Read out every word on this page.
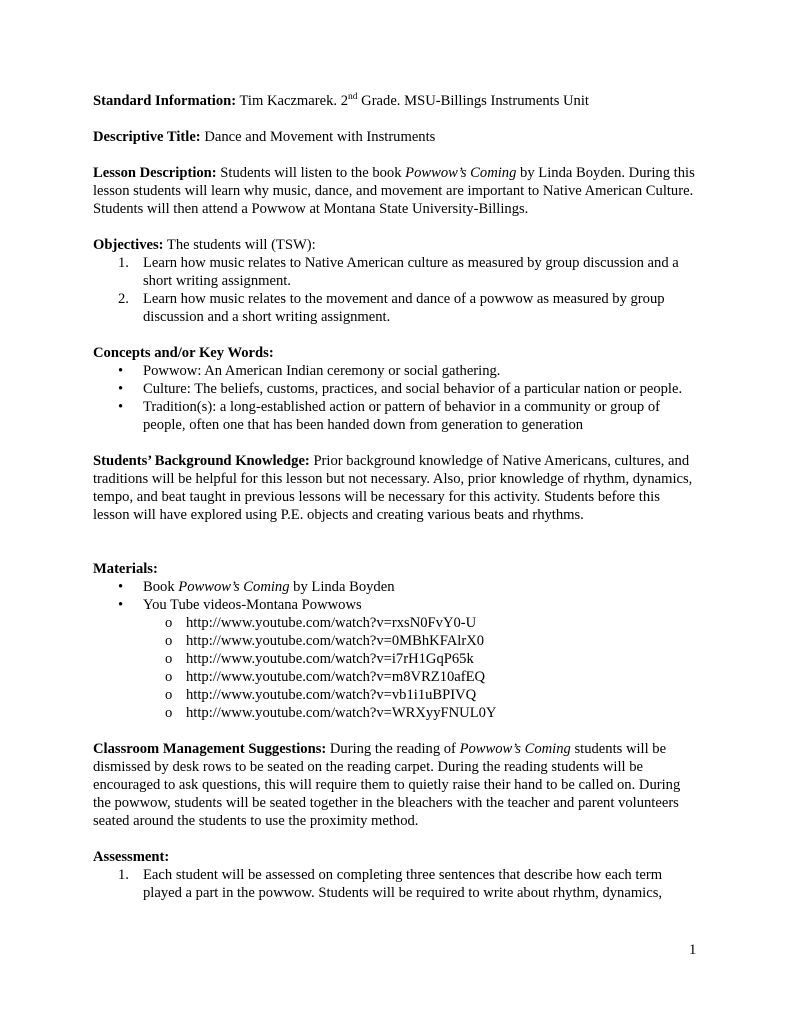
Standard Information: Tim Kaczmarek. 2nd Grade. MSU-Billings Instruments Unit

Descriptive Title: Dance and Movement with Instruments

Lesson Description: Students will listen to the book Powwow’s Coming by Linda Boyden. During this lesson students will learn why music, dance, and movement are important to Native American Culture. Students will then attend a Powwow at Montana State University-Billings.

Objectives: The students will (TSW):

1. Learn how music relates to Native American culture as measured by group discussion and a short writing assignment.
2. Learn how music relates to the movement and dance of a powwow as measured by group discussion and a short writing assignment.

Concepts and/or Key Words:

• Powwow: An American Indian ceremony or social gathering.
• Culture: The beliefs, customs, practices, and social behavior of a particular nation or people.
• Tradition(s): a long-established action or pattern of behavior in a community or group of people, often one that has been handed down from generation to generation

Students’ Background Knowledge: Prior background knowledge of Native Americans, cultures, and traditions will be helpful for this lesson but not necessary. Also, prior knowledge of rhythm, dynamics, tempo, and beat taught in previous lessons will be necessary for this activity. Students before this lesson will have explored using P.E. objects and creating various beats and rhythms.

Materials:

• Book Powwow’s Coming by Linda Boyden
• You Tube videos-Montana Powwows
o http://www.youtube.com/watch?v=rxsN0FvY0-U
o http://www.youtube.com/watch?v=0MBhKFAlrX0
o http://www.youtube.com/watch?v=i7rH1GqP65k
o http://www.youtube.com/watch?v=m8VRZ10afEQ
o http://www.youtube.com/watch?v=vb1i1uBPIVQ
o http://www.youtube.com/watch?v=WRXyyFNUL0Y

Classroom Management Suggestions: During the reading of Powwow’s Coming students will be dismissed by desk rows to be seated on the reading carpet. During the reading students will be encouraged to ask questions, this will require them to quietly raise their hand to be called on. During the powwow, students will be seated together in the bleachers with the teacher and parent volunteers seated around the students to use the proximity method.

Assessment:

1. Each student will be assessed on completing three sentences that describe how each term played a part in the powwow. Students will be required to write about rhythm, dynamics,
1
